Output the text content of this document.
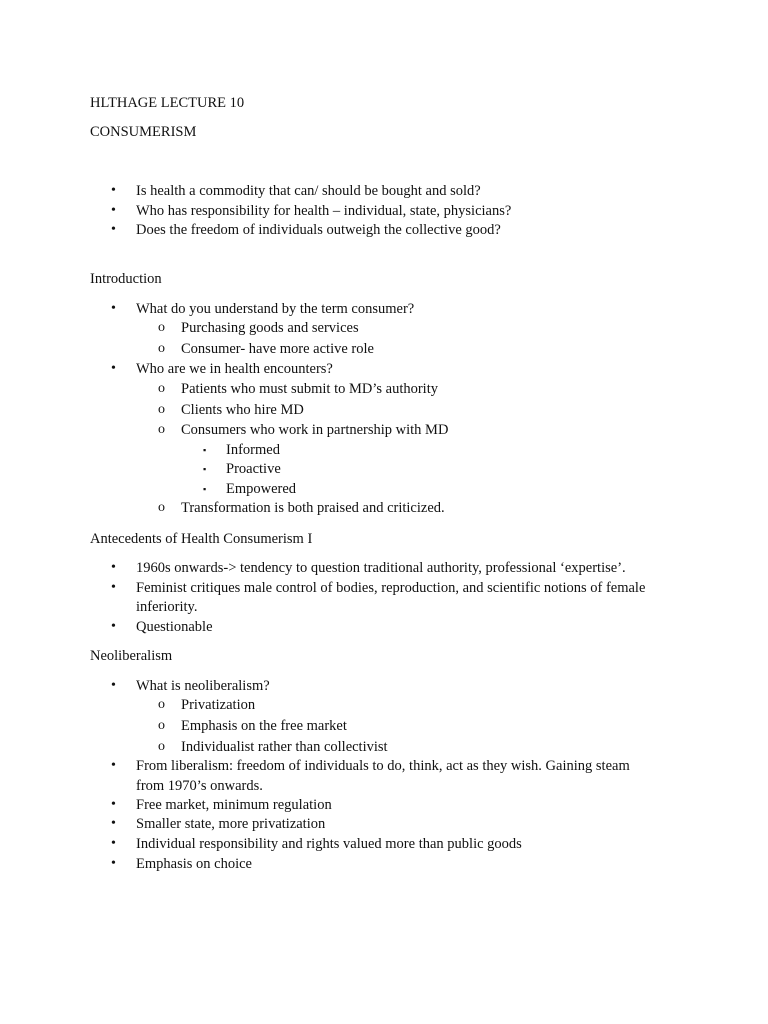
HLTHAGE LECTURE 10
CONSUMERISM
• Is health a commodity that can/ should be bought and sold?
• Who has responsibility for health – individual, state, physicians?
• Does the freedom of individuals outweigh the collective good?
Introduction
• What do you understand by the term consumer?
o Purchasing goods and services
o Consumer- have more active role
• Who are we in health encounters?
o Patients who must submit to MD’s authority
o Clients who hire MD
o Consumers who work in partnership with MD
▪ Informed
▪ Proactive
▪ Empowered
o Transformation is both praised and criticized.
Antecedents of Health Consumerism I
• 1960s onwards-> tendency to question traditional authority, professional ‘expertise’.
• Feminist critiques male control of bodies, reproduction, and scientific notions of female
inferiority.
• Questionable
Neoliberalism
• What is neoliberalism?
o Privatization
o Emphasis on the free market
o Individualist rather than collectivist
• From liberalism: freedom of individuals to do, think, act as they wish. Gaining steam
from 1970’s onwards.
• Free market, minimum regulation
• Smaller state, more privatization
• Individual responsibility and rights valued more than public goods
• Emphasis on choice
